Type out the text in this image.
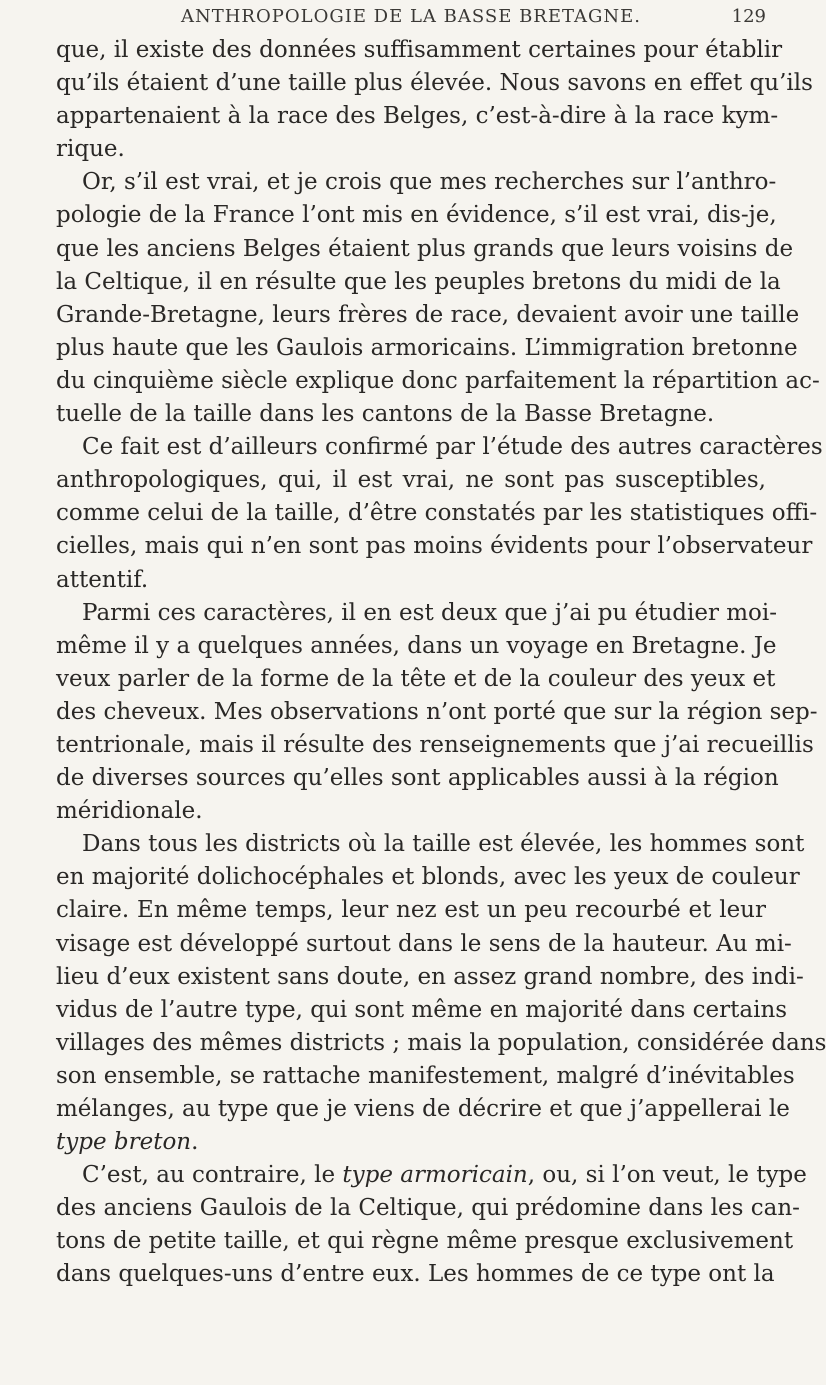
ANTHROPOLOGIE DE LA BASSE BRETAGNE.	129
que, il existe des données suffisamment certaines pour établir
qu’ils étaient d’une taille plus élevée. Nous savons en effet qu’ils
appartenaient à la race des Belges, c’est-à-dire à la race kym-
rique.
Or, s’il est vrai, et je crois que mes recherches sur l’anthro-
pologie de la France l’ont mis en évidence, s’il est vrai, dis-je,
que les anciens Belges étaient plus grands que leurs voisins de
la Celtique, il en résulte que les peuples bretons du midi de la
Grande-Bretagne, leurs frères de race, devaient avoir une taille
plus haute que les Gaulois armoricains. L’immigration bretonne
du cinquième siècle explique donc parfaitement la répartition ac-
tuelle de la taille dans les cantons de la Basse Bretagne.
Ce fait est d’ailleurs confirmé par l’étude des autres caractères
anthropologiques, qui, il est vrai, ne sont pas susceptibles,
comme celui de la taille, d’être constatés par les statistiques offi-
cielles, mais qui n’en sont pas moins évidents pour l’observateur
attentif.
Parmi ces caractères, il en est deux que j’ai pu étudier moi-
même il y a quelques années, dans un voyage en Bretagne. Je
veux parler de la forme de la tête et de la couleur des yeux et
des cheveux. Mes observations n’ont porté que sur la région sep-
tentrionale, mais il résulte des renseignements que j’ai recueillis
de diverses sources qu’elles sont applicables aussi à la région
méridionale.
Dans tous les districts où la taille est élevée, les hommes sont
en majorité dolichocéphales et blonds, avec les yeux de couleur
claire. En même temps, leur nez est un peu recourbé et leur
visage est développé surtout dans le sens de la hauteur. Au mi-
lieu d’eux existent sans doute, en assez grand nombre, des indi-
vidus de l’autre type, qui sont même en majorité dans certains
villages des mêmes districts ; mais la population, considérée dans
son ensemble, se rattache manifestement, malgré d’inévitables
mélanges, au type que je viens de décrire et que j’appellerai le
type breton.
C’est, au contraire, le type armoricain, ou, si l’on veut, le type
des anciens Gaulois de la Celtique, qui prédomine dans les can-
tons de petite taille, et qui règne même presque exclusivement
dans quelques-uns d’entre eux. Les hommes de ce type ont la
